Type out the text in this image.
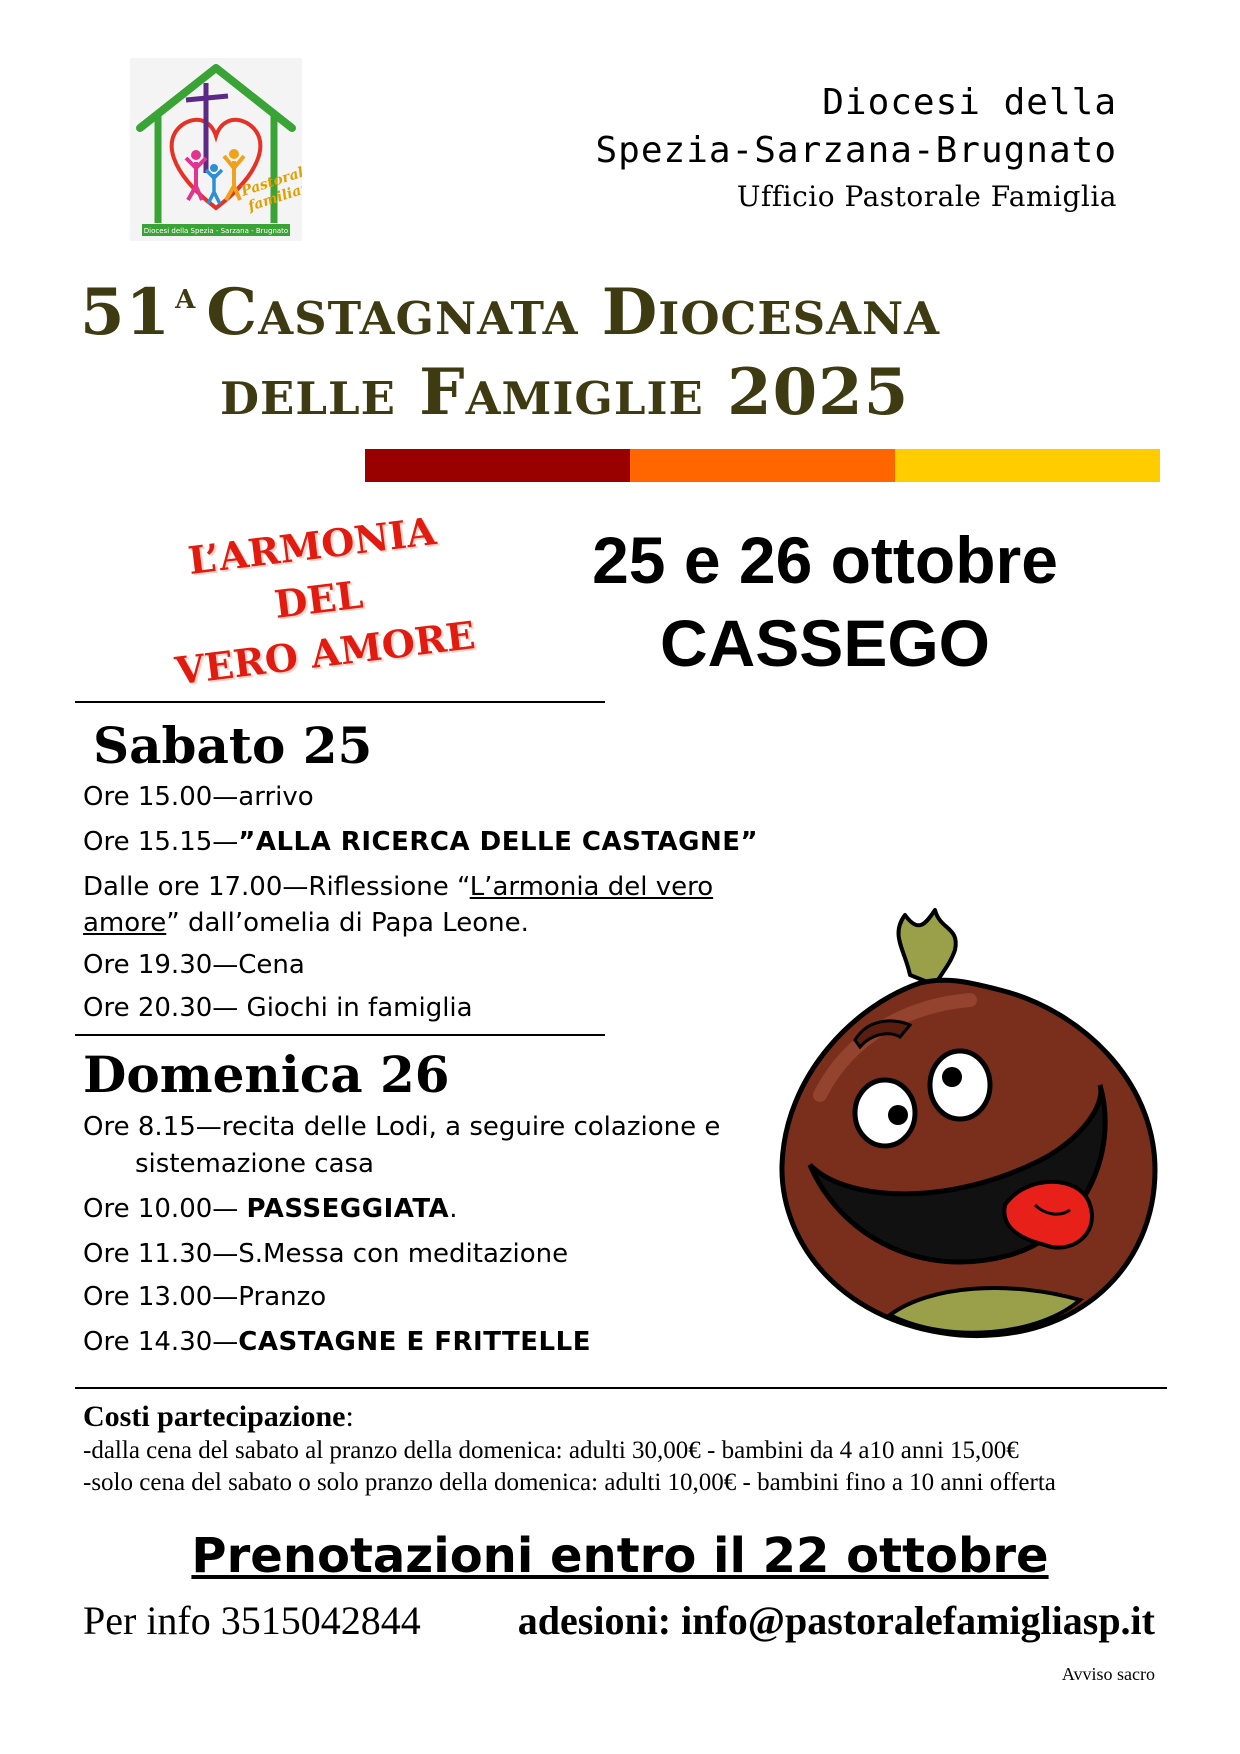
Pastorale
familiare
Diocesi della Spezia - Sarzana - Brugnato
Diocesi della
Spezia-Sarzana-Brugnato
Ufficio Pastorale Famiglia
51 $^A$ Castagnata Diocesana
delle Famiglie 2025
L’ARMONIA DEL
VERO AMORE
25 e 26 ottobre
CASSEGO
Sabato 25
Ore 15.00—arrivo
Ore 15.15—”ALLA RICERCA DELLE CASTAGNE”
Dalle ore 17.00—Riflessione “L’armonia del vero
amore” dall’omelia di Papa Leone.
Ore 19.30—Cena
Ore 20.30— Giochi in famiglia
Domenica 26
Ore 8.15—recita delle Lodi, a seguire colazione e
sistemazione casa
Ore 10.00— PASSEGGIATA.
Ore 11.30—S.Messa con meditazione
Ore 13.00—Pranzo
Ore 14.30—CASTAGNE E FRITTELLE
Costi partecipazione:
-dalla cena del sabato al pranzo della domenica: adulti 30,00€ - bambini da 4 a10 anni 15,00€
-solo cena del sabato o solo pranzo della domenica: adulti 10,00€ - bambini fino a 10 anni offerta
Prenotazioni entro il 22 ottobre
Per info 3515042844 adesioni: info@pastoralefamigliasp.it
Avviso sacro
